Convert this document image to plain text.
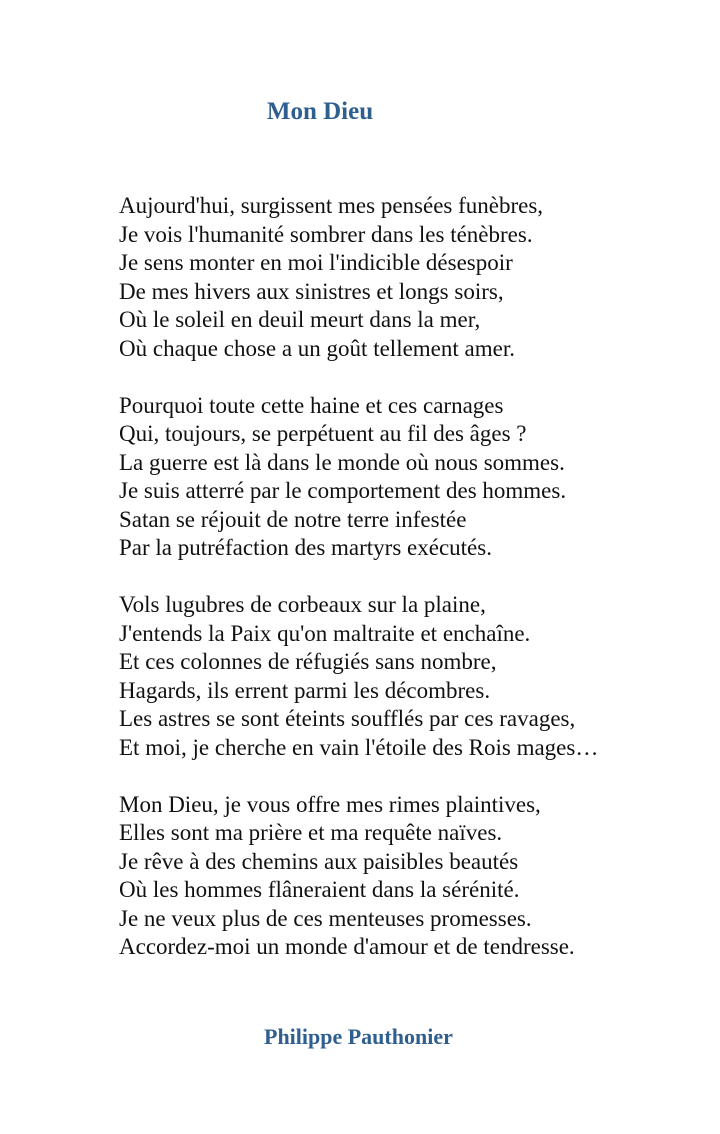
Mon Dieu
Aujourd'hui, surgissent mes pensées funèbres,
Je vois l'humanité sombrer dans les ténèbres.
Je sens monter en moi l'indicible désespoir
De mes hivers aux sinistres et longs soirs,
Où le soleil en deuil meurt dans la mer,
Où chaque chose a un goût tellement amer.
Pourquoi toute cette haine et ces carnages
Qui, toujours, se perpétuent au fil des âges ?
La guerre est là dans le monde où nous sommes.
Je suis atterré par le comportement des hommes.
Satan se réjouit de notre terre infestée
Par la putréfaction des martyrs exécutés.
Vols lugubres de corbeaux sur la plaine,
J'entends la Paix qu'on maltraite et enchaîne.
Et ces colonnes de réfugiés sans nombre,
Hagards, ils errent parmi les décombres.
Les astres se sont éteints soufflés par ces ravages,
Et moi, je cherche en vain l'étoile des Rois mages…
Mon Dieu, je vous offre mes rimes plaintives,
Elles sont ma prière et ma requête naïves.
Je rêve à des chemins aux paisibles beautés
Où les hommes flâneraient dans la sérénité.
Je ne veux plus de ces menteuses promesses.
Accordez-moi un monde d'amour et de tendresse.

Philippe Pauthonier
